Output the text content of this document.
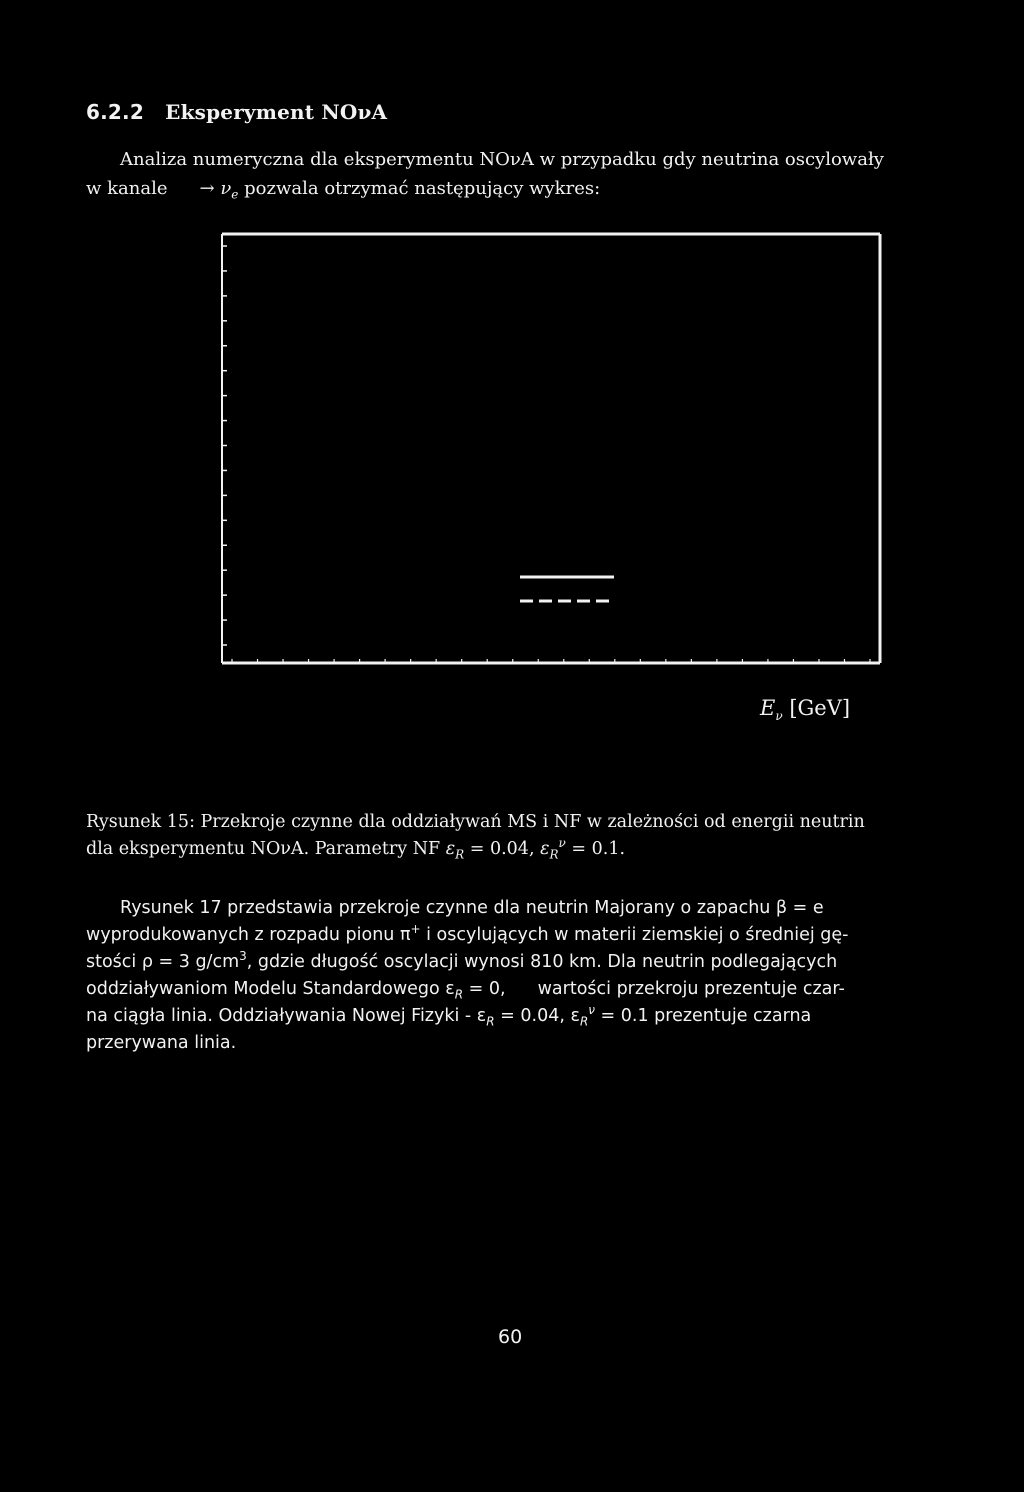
6.2.2 Eksperyment NOνA
Analiza numeryczna dla eksperymentu NOνA w przypadku gdy neutrina oscylowały
w kanale → $\nu_e$ pozwala otrzymać następujący wykres:
$E_\nu$ [GeV]
Rysunek 15: Przekroje czynne dla oddziaływań MS i NF w zależności od energii neutrin
dla eksperymentu NOνA. Parametry NF $\varepsilon_R = 0.04$, $\varepsilon_R^\nu = 0.1$.
Rysunek 17 przedstawia przekroje czynne dla neutrin Majorany o zapachu β = e
wyprodukowanych z rozpadu pionu π+ i oscylujących w materii ziemskiej o średniej gę-
stości ρ = 3 $g/cm^3$, gdzie długość oscylacji wynosi 810 km. Dla neutrin podlegających
oddziaływaniom Modelu Standardowego $\varepsilon_R = 0$, wartości przekroju prezentuje czar-
na ciągła linia. Oddziaływania Nowej Fizyki - $\varepsilon_R = 0.04$, $\varepsilon_R^\nu = 0.1$ prezentuje czarna
przerywana linia.
60
